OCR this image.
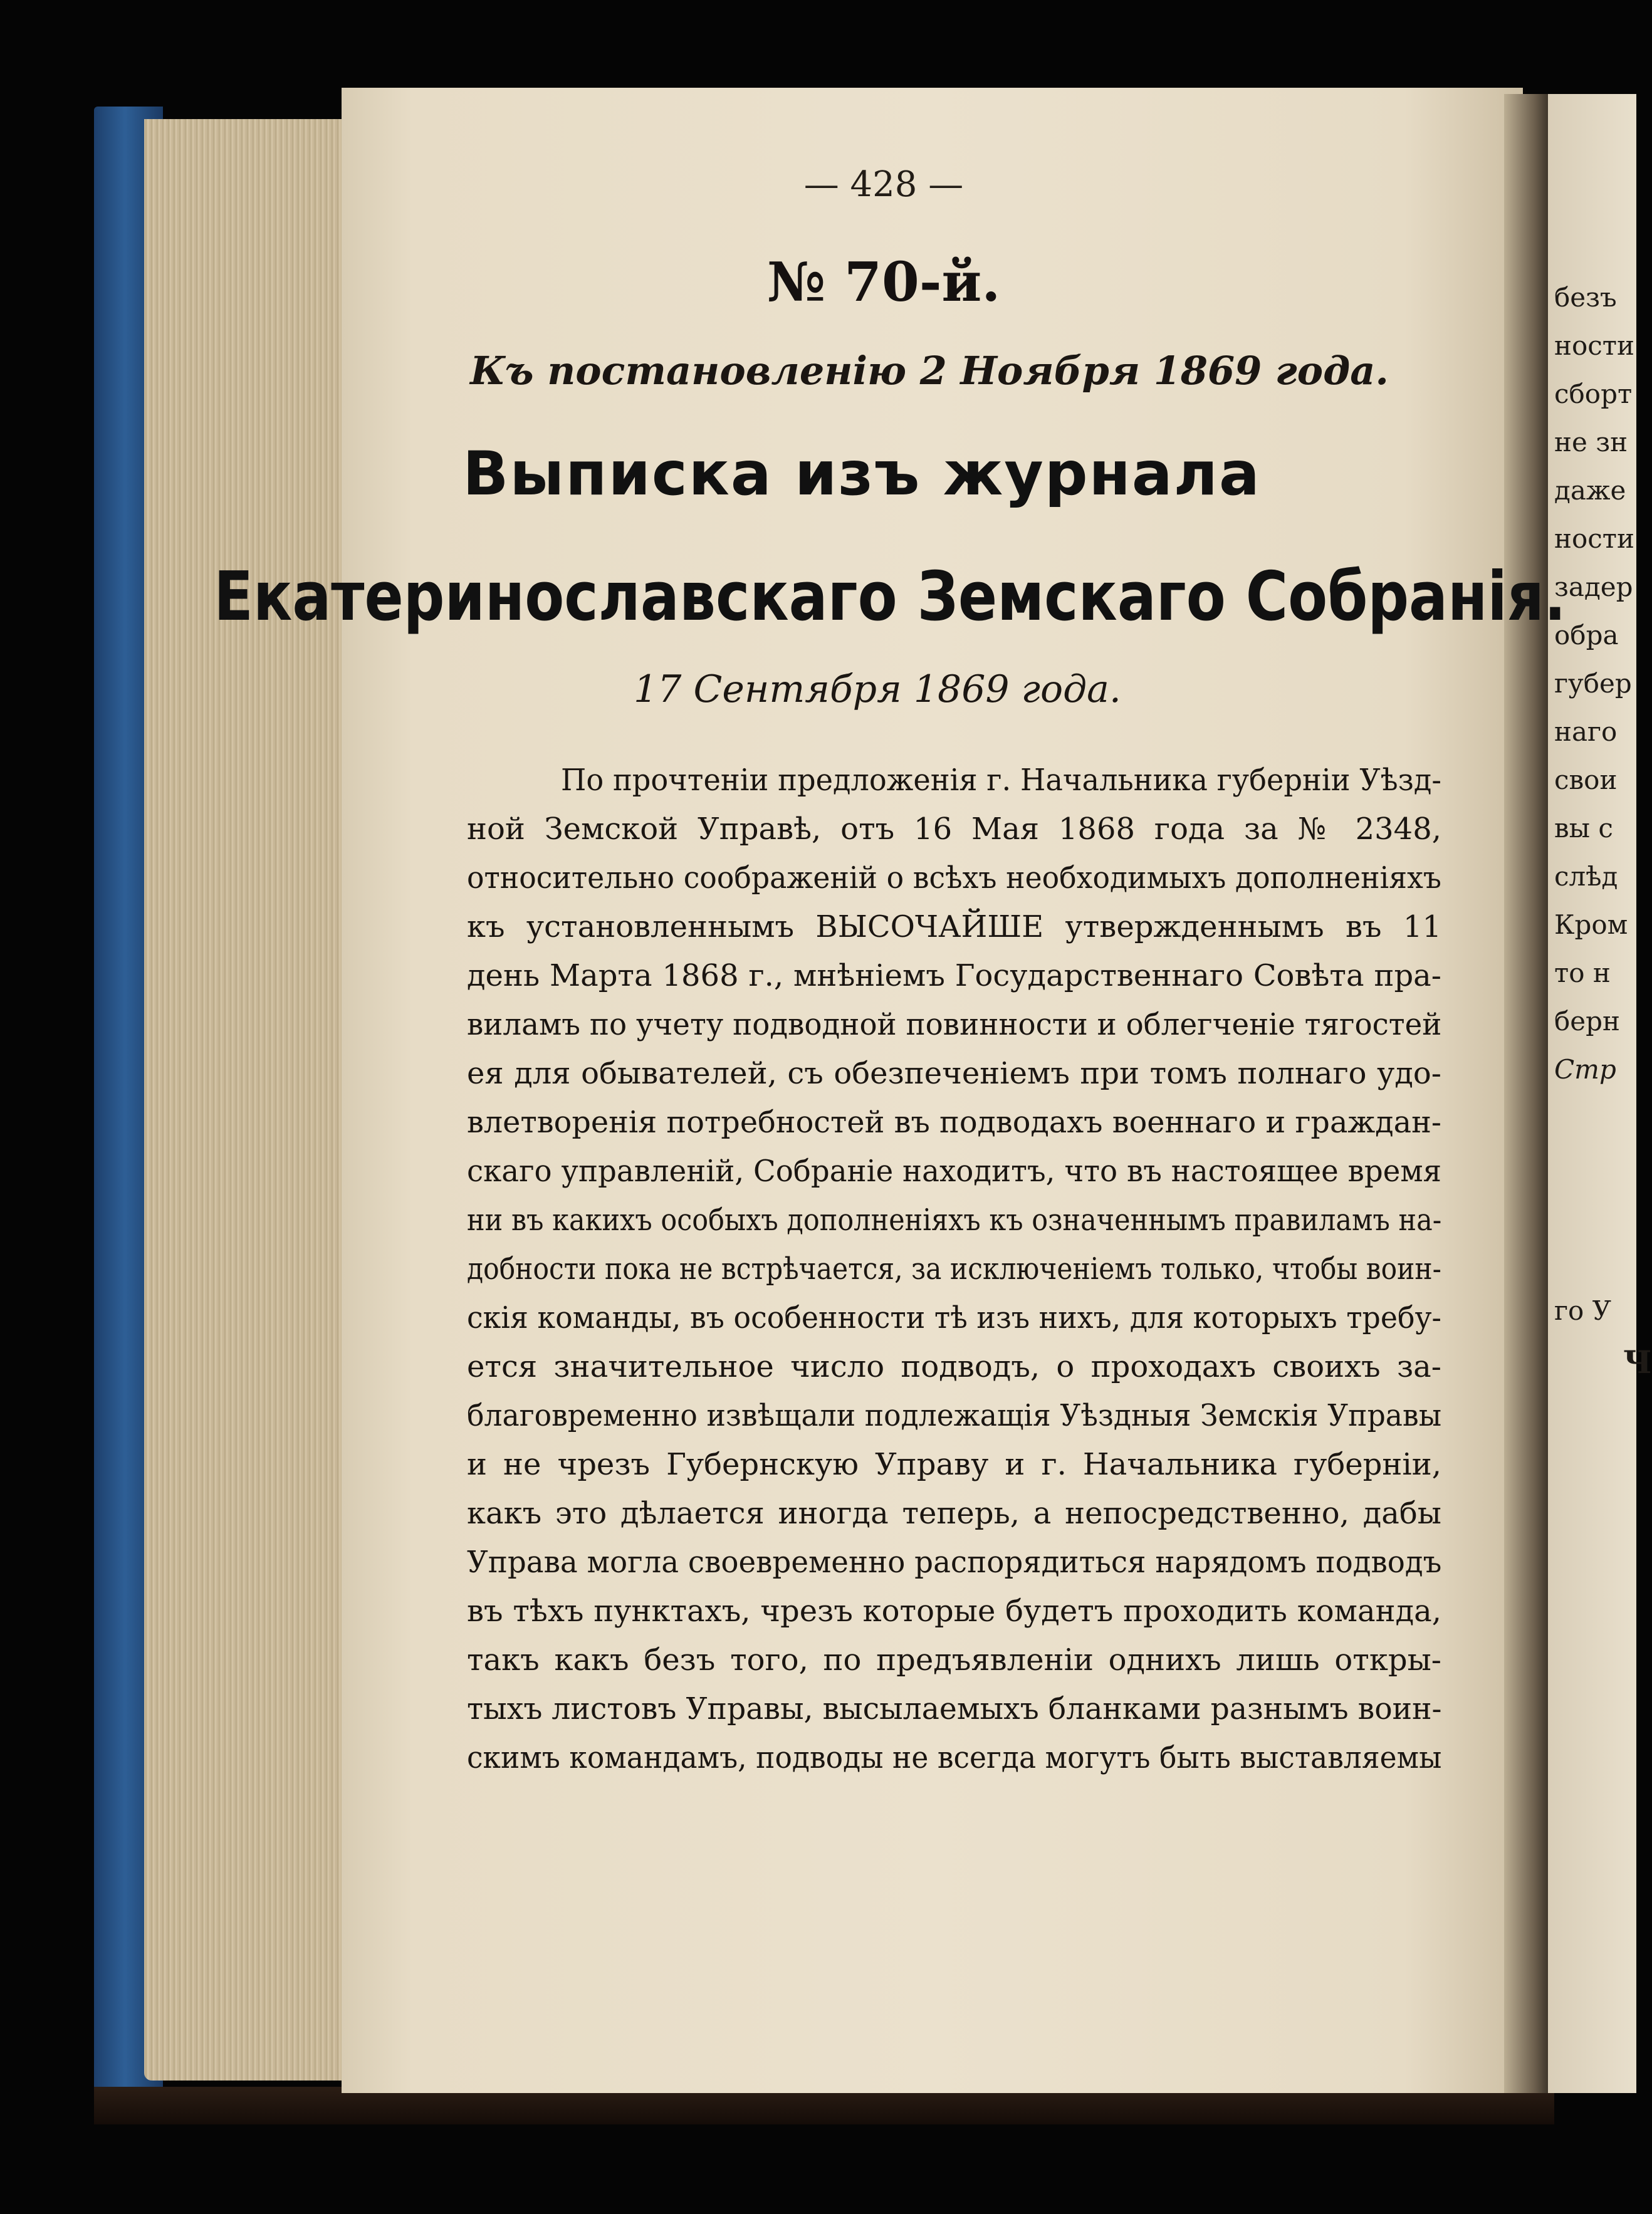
безъ
ности
сборт
не зн
даже
ности
задер
обра
губер
наго
свои
вы с
слѣд
Кром
то н
берн
Стр
го У
Ч
— 428 —
№ 70-й.
Къ постановленію 2 Ноября 1869 года.
Выписка изъ журнала
Екатеринославскаго Земскаго Собранія.
17 Сентября 1869 года.
По прочтеніи предложенія г. Начальника губерніи Уѣзд-
ной Земской Управѣ, отъ 16 Мая 1868 года за № 2348,
относительно соображеній о всѣхъ необходимыхъ дополненіяхъ
къ установленнымъ ВЫСОЧАЙШЕ утвержденнымъ въ 11
день Марта 1868 г., мнѣніемъ Государственнаго Совѣта пра-
виламъ по учету подводной повинности и облегченіе тягостей
ея для обывателей, съ обезпеченіемъ при томъ полнаго удо-
влетворенія потребностей въ подводахъ военнаго и граждан-
скаго управленій, Собраніе находитъ, что въ настоящее время
ни въ какихъ особыхъ дополненіяхъ къ означеннымъ правиламъ на-
добности пока не встрѣчается, за исключеніемъ только, чтобы воин-
скія команды, въ особенности тѣ изъ нихъ, для которыхъ требу-
ется значительное число подводъ, о проходахъ своихъ за-
благовременно извѣщали подлежащія Уѣздныя Земскія Управы
и не чрезъ Губернскую Управу и г. Начальника губерніи,
какъ это дѣлается иногда теперь, а непосредственно, дабы
Управа могла своевременно распорядиться нарядомъ подводъ
въ тѣхъ пунктахъ, чрезъ которые будетъ проходить команда,
такъ какъ безъ того, по предъявленіи однихъ лишь откры-
тыхъ листовъ Управы, высылаемыхъ бланками разнымъ воин-
скимъ командамъ, подводы не всегда могутъ быть выставляемы
